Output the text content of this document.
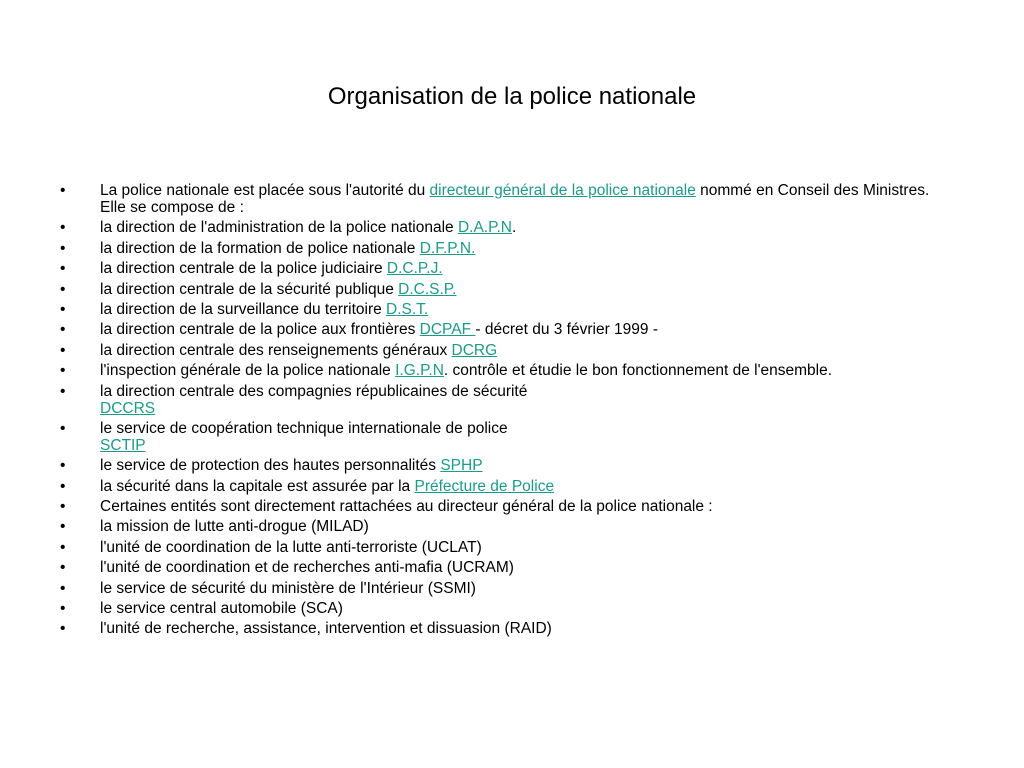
Organisation de la police nationale
• La police nationale est placée sous l'autorité du directeur général de la police nationale nommé en Conseil des Ministres. Elle se compose de :
• la direction de l'administration de la police nationale D.A.P.N.
• la direction de la formation de police nationale D.F.P.N.
• la direction centrale de la police judiciaire D.C.P.J.
• la direction centrale de la sécurité publique D.C.S.P.
• la direction de la surveillance du territoire D.S.T.
• la direction centrale de la police aux frontières DCPAF - décret du 3 février 1999 -
• la direction centrale des renseignements généraux DCRG
• l'inspection générale de la police nationale I.G.P.N. contrôle et étudie le bon fonctionnement de l'ensemble.
• la direction centrale des compagnies républicaines de sécurité DCCRS
• le service de coopération technique internationale de police SCTIP
• le service de protection des hautes personnalités SPHP
• la sécurité dans la capitale est assurée par la Préfecture de Police
• Certaines entités sont directement rattachées au directeur général de la police nationale :
• la mission de lutte anti-drogue (MILAD)
• l'unité de coordination de la lutte anti-terroriste (UCLAT)
• l'unité de coordination et de recherches anti-mafia (UCRAM)
• le service de sécurité du ministère de l'Intérieur (SSMI)
• le service central automobile (SCA)
• l'unité de recherche, assistance, intervention et dissuasion (RAID)
